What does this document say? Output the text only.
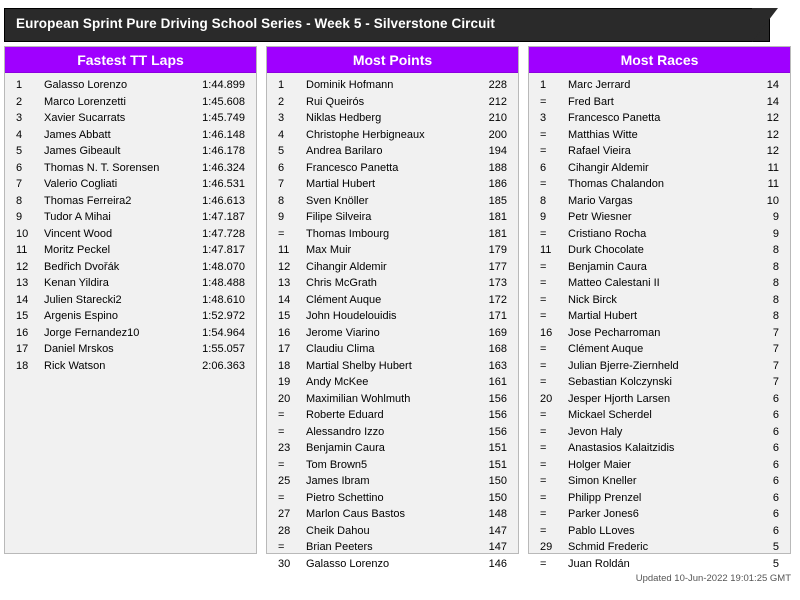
European Sprint Pure Driving School Series - Week 5 - Silverstone Circuit
Fastest TT Laps
1	Galasso Lorenzo	1:44.899
2	Marco Lorenzetti	1:45.608
3	Xavier Sucarrats	1:45.749
4	James Abbatt	1:46.148
5	James Gibeault	1:46.178
6	Thomas N. T. Sorensen	1:46.324
7	Valerio Cogliati	1:46.531
8	Thomas Ferreira2	1:46.613
9	Tudor A Mihai	1:47.187
10	Vincent Wood	1:47.728
11	Moritz Peckel	1:47.817
12	Bedřich Dvořák	1:48.070
13	Kenan Yildira	1:48.488
14	Julien Starecki2	1:48.610
15	Argenis Espino	1:52.972
16	Jorge Fernandez10	1:54.964
17	Daniel Mrskos	1:55.057
18	Rick Watson	2:06.363
Most Points
1	Dominik Hofmann	228
2	Rui Queirós	212
3	Niklas Hedberg	210
4	Christophe Herbigneaux	200
5	Andrea Barilaro	194
6	Francesco Panetta	188
7	Martial Hubert	186
8	Sven Knöller	185
9	Filipe Silveira	181
=	Thomas Imbourg	181
11	Max Muir	179
12	Cihangir Aldemir	177
13	Chris McGrath	173
14	Clément Auque	172
15	John Houdelouidis	171
16	Jerome Viarino	169
17	Claudiu Clima	168
18	Martial Shelby Hubert	163
19	Andy McKee	161
20	Maximilian Wohlmuth	156
=	Roberte Eduard	156
=	Alessandro Izzo	156
23	Benjamin Caura	151
=	Tom Brown5	151
25	James Ibram	150
=	Pietro Schettino	150
27	Marlon Caus Bastos	148
28	Cheik Dahou	147
=	Brian Peeters	147
30	Galasso Lorenzo	146
Most Races
1	Marc Jerrard	14
=	Fred Bart	14
3	Francesco Panetta	12
=	Matthias Witte	12
=	Rafael Vieira	12
6	Cihangir Aldemir	11
=	Thomas Chalandon	11
8	Mario Vargas	10
9	Petr Wiesner	9
=	Cristiano Rocha	9
11	Durk Chocolate	8
=	Benjamin Caura	8
=	Matteo Calestani II	8
=	Nick Birck	8
=	Martial Hubert	8
16	Jose Pecharroman	7
=	Clément Auque	7
=	Julian Bjerre-Ziernheld	7
=	Sebastian Kolczynski	7
20	Jesper Hjorth Larsen	6
=	Mickael Scherdel	6
=	Jevon Haly	6
=	Anastasios Kalaitzidis	6
=	Holger Maier	6
=	Simon Kneller	6
=	Philipp Prenzel	6
=	Parker Jones6	6
=	Pablo LLoves	6
29	Schmid Frederic	5
=	Juan Roldán	5
Updated 10-Jun-2022 19:01:25 GMT
